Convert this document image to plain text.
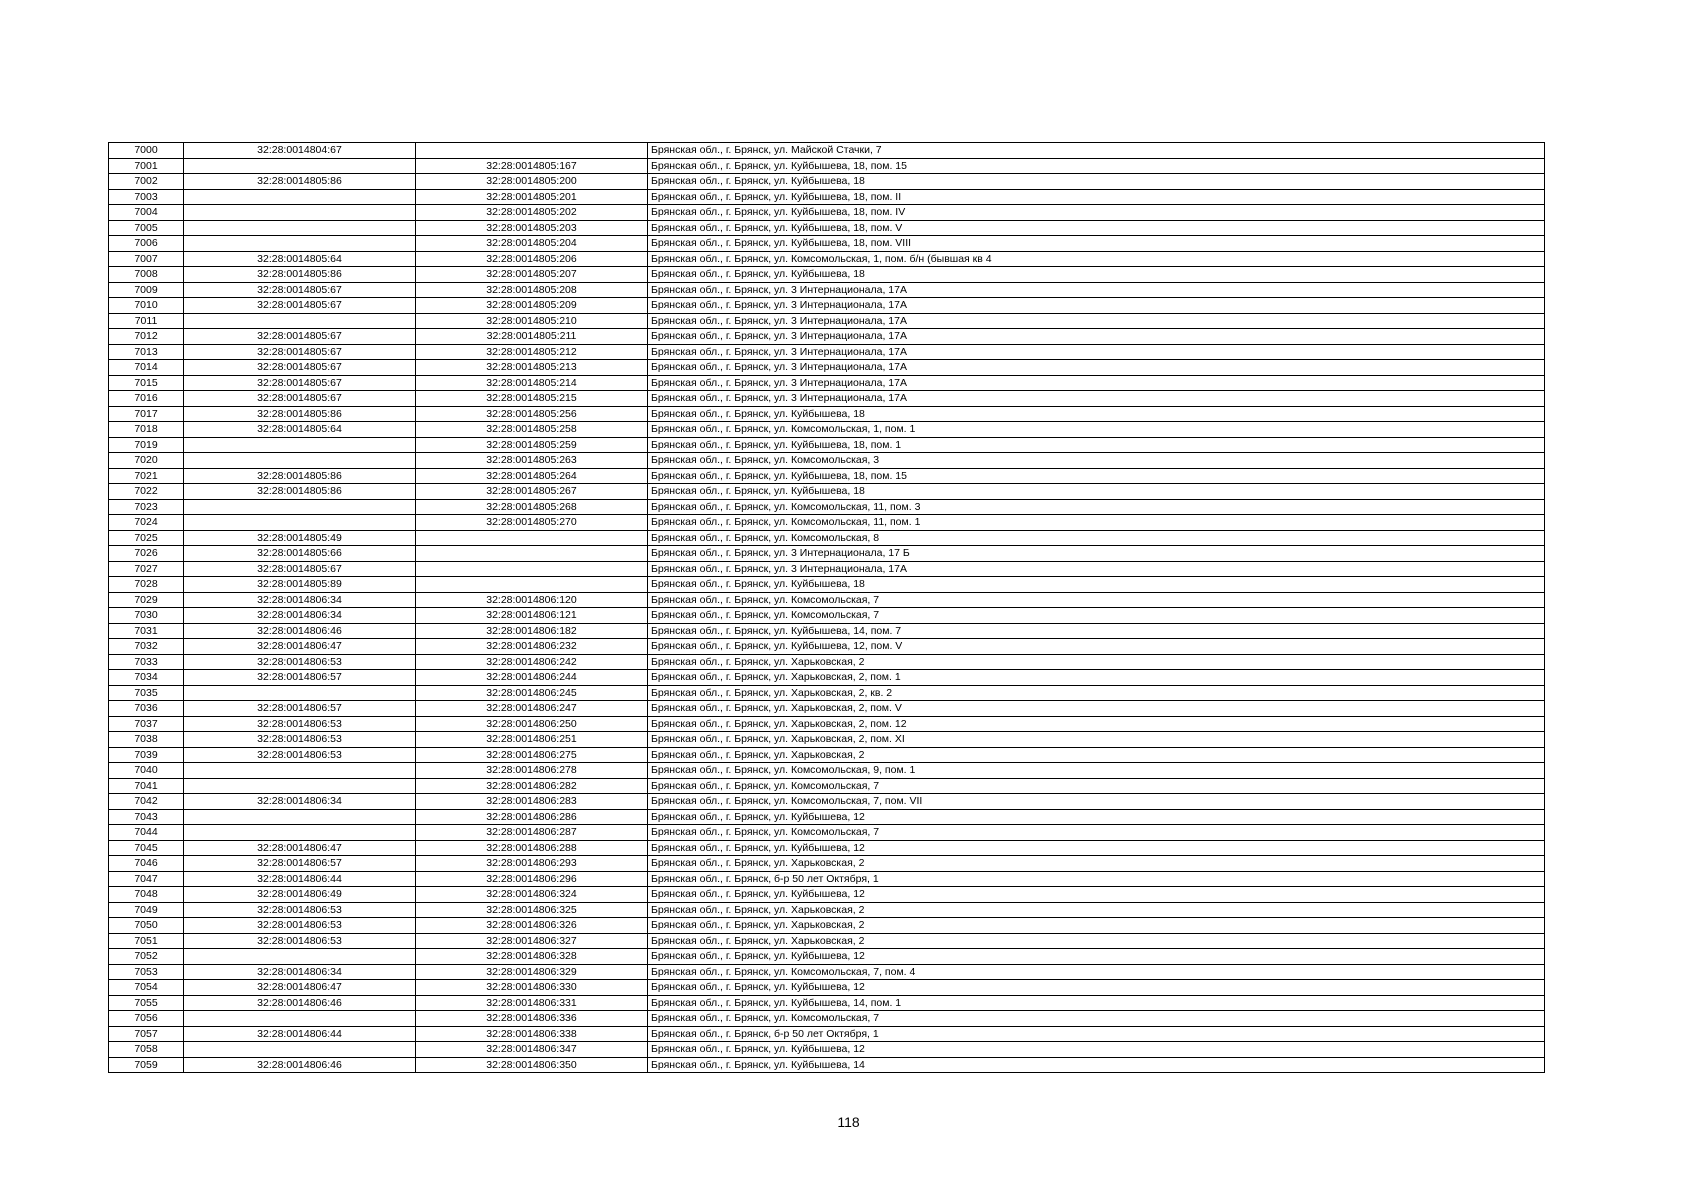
7000	32:28:0014804:67		Брянская обл., г. Брянск, ул. Майской Стачки, 7
7001		32:28:0014805:167	Брянская обл., г. Брянск, ул. Куйбышева, 18, пом. 15
7002	32:28:0014805:86	32:28:0014805:200	Брянская обл., г. Брянск, ул. Куйбышева, 18
7003		32:28:0014805:201	Брянская обл., г. Брянск, ул. Куйбышева, 18, пом. II
7004		32:28:0014805:202	Брянская обл., г. Брянск, ул. Куйбышева, 18, пом. IV
7005		32:28:0014805:203	Брянская обл., г. Брянск, ул. Куйбышева, 18, пом. V
7006		32:28:0014805:204	Брянская обл., г. Брянск, ул. Куйбышева, 18, пом. VIII
7007	32:28:0014805:64	32:28:0014805:206	Брянская обл., г. Брянск, ул. Комсомольская, 1, пом. б/н (бывшая кв 4
7008	32:28:0014805:86	32:28:0014805:207	Брянская обл., г. Брянск, ул. Куйбышева, 18
7009	32:28:0014805:67	32:28:0014805:208	Брянская обл., г. Брянск, ул. 3 Интернационала, 17А
7010	32:28:0014805:67	32:28:0014805:209	Брянская обл., г. Брянск, ул. 3 Интернационала, 17А
7011		32:28:0014805:210	Брянская обл., г. Брянск, ул. 3 Интернационала, 17А
7012	32:28:0014805:67	32:28:0014805:211	Брянская обл., г. Брянск, ул. 3 Интернационала, 17А
7013	32:28:0014805:67	32:28:0014805:212	Брянская обл., г. Брянск, ул. 3 Интернационала, 17А
7014	32:28:0014805:67	32:28:0014805:213	Брянская обл., г. Брянск, ул. 3 Интернационала, 17А
7015	32:28:0014805:67	32:28:0014805:214	Брянская обл., г. Брянск, ул. 3 Интернационала, 17А
7016	32:28:0014805:67	32:28:0014805:215	Брянская обл., г. Брянск, ул. 3 Интернационала, 17А
7017	32:28:0014805:86	32:28:0014805:256	Брянская обл., г. Брянск, ул. Куйбышева, 18
7018	32:28:0014805:64	32:28:0014805:258	Брянская обл., г. Брянск, ул. Комсомольская, 1, пом. 1
7019		32:28:0014805:259	Брянская обл., г. Брянск, ул. Куйбышева, 18, пом. 1
7020		32:28:0014805:263	Брянская обл., г. Брянск, ул. Комсомольская, 3
7021	32:28:0014805:86	32:28:0014805:264	Брянская обл., г. Брянск, ул. Куйбышева, 18, пом. 15
7022	32:28:0014805:86	32:28:0014805:267	Брянская обл., г. Брянск, ул. Куйбышева, 18
7023		32:28:0014805:268	Брянская обл., г. Брянск, ул. Комсомольская, 11, пом. 3
7024		32:28:0014805:270	Брянская обл., г. Брянск, ул. Комсомольская, 11, пом. 1
7025	32:28:0014805:49		Брянская обл., г. Брянск, ул. Комсомольская, 8
7026	32:28:0014805:66		Брянская обл., г. Брянск, ул. 3 Интернационала, 17 Б
7027	32:28:0014805:67		Брянская обл., г. Брянск, ул. 3 Интернационала, 17А
7028	32:28:0014805:89		Брянская обл., г. Брянск, ул. Куйбышева, 18
7029	32:28:0014806:34	32:28:0014806:120	Брянская обл., г. Брянск, ул. Комсомольская, 7
7030	32:28:0014806:34	32:28:0014806:121	Брянская обл., г. Брянск, ул. Комсомольская, 7
7031	32:28:0014806:46	32:28:0014806:182	Брянская обл., г. Брянск, ул. Куйбышева, 14, пом. 7
7032	32:28:0014806:47	32:28:0014806:232	Брянская обл., г. Брянск, ул. Куйбышева, 12, пом. V
7033	32:28:0014806:53	32:28:0014806:242	Брянская обл., г. Брянск, ул. Харьковская, 2
7034	32:28:0014806:57	32:28:0014806:244	Брянская обл., г. Брянск, ул. Харьковская, 2, пом. 1
7035		32:28:0014806:245	Брянская обл., г. Брянск, ул. Харьковская, 2, кв. 2
7036	32:28:0014806:57	32:28:0014806:247	Брянская обл., г. Брянск, ул. Харьковская, 2, пом. V
7037	32:28:0014806:53	32:28:0014806:250	Брянская обл., г. Брянск, ул. Харьковская, 2, пом. 12
7038	32:28:0014806:53	32:28:0014806:251	Брянская обл., г. Брянск, ул. Харьковская, 2, пом. XI
7039	32:28:0014806:53	32:28:0014806:275	Брянская обл., г. Брянск, ул. Харьковская, 2
7040		32:28:0014806:278	Брянская обл., г. Брянск, ул. Комсомольская, 9, пом. 1
7041		32:28:0014806:282	Брянская обл., г. Брянск, ул. Комсомольская, 7
7042	32:28:0014806:34	32:28:0014806:283	Брянская обл., г. Брянск, ул. Комсомольская, 7, пом. VII
7043		32:28:0014806:286	Брянская обл., г. Брянск, ул. Куйбышева, 12
7044		32:28:0014806:287	Брянская обл., г. Брянск, ул. Комсомольская, 7
7045	32:28:0014806:47	32:28:0014806:288	Брянская обл., г. Брянск, ул. Куйбышева, 12
7046	32:28:0014806:57	32:28:0014806:293	Брянская обл., г. Брянск, ул. Харьковская, 2
7047	32:28:0014806:44	32:28:0014806:296	Брянская обл., г. Брянск, б-р 50 лет Октября, 1
7048	32:28:0014806:49	32:28:0014806:324	Брянская обл., г. Брянск, ул. Куйбышева, 12
7049	32:28:0014806:53	32:28:0014806:325	Брянская обл., г. Брянск, ул. Харьковская, 2
7050	32:28:0014806:53	32:28:0014806:326	Брянская обл., г. Брянск, ул. Харьковская, 2
7051	32:28:0014806:53	32:28:0014806:327	Брянская обл., г. Брянск, ул. Харьковская, 2
7052		32:28:0014806:328	Брянская обл., г. Брянск, ул. Куйбышева, 12
7053	32:28:0014806:34	32:28:0014806:329	Брянская обл., г. Брянск, ул. Комсомольская, 7, пом. 4
7054	32:28:0014806:47	32:28:0014806:330	Брянская обл., г. Брянск, ул. Куйбышева, 12
7055	32:28:0014806:46	32:28:0014806:331	Брянская обл., г. Брянск, ул. Куйбышева, 14, пом. 1
7056		32:28:0014806:336	Брянская обл., г. Брянск, ул. Комсомольская, 7
7057	32:28:0014806:44	32:28:0014806:338	Брянская обл., г. Брянск, б-р 50 лет Октября, 1
7058		32:28:0014806:347	Брянская обл., г. Брянск, ул. Куйбышева, 12
7059	32:28:0014806:46	32:28:0014806:350	Брянская обл., г. Брянск, ул. Куйбышева, 14
118
